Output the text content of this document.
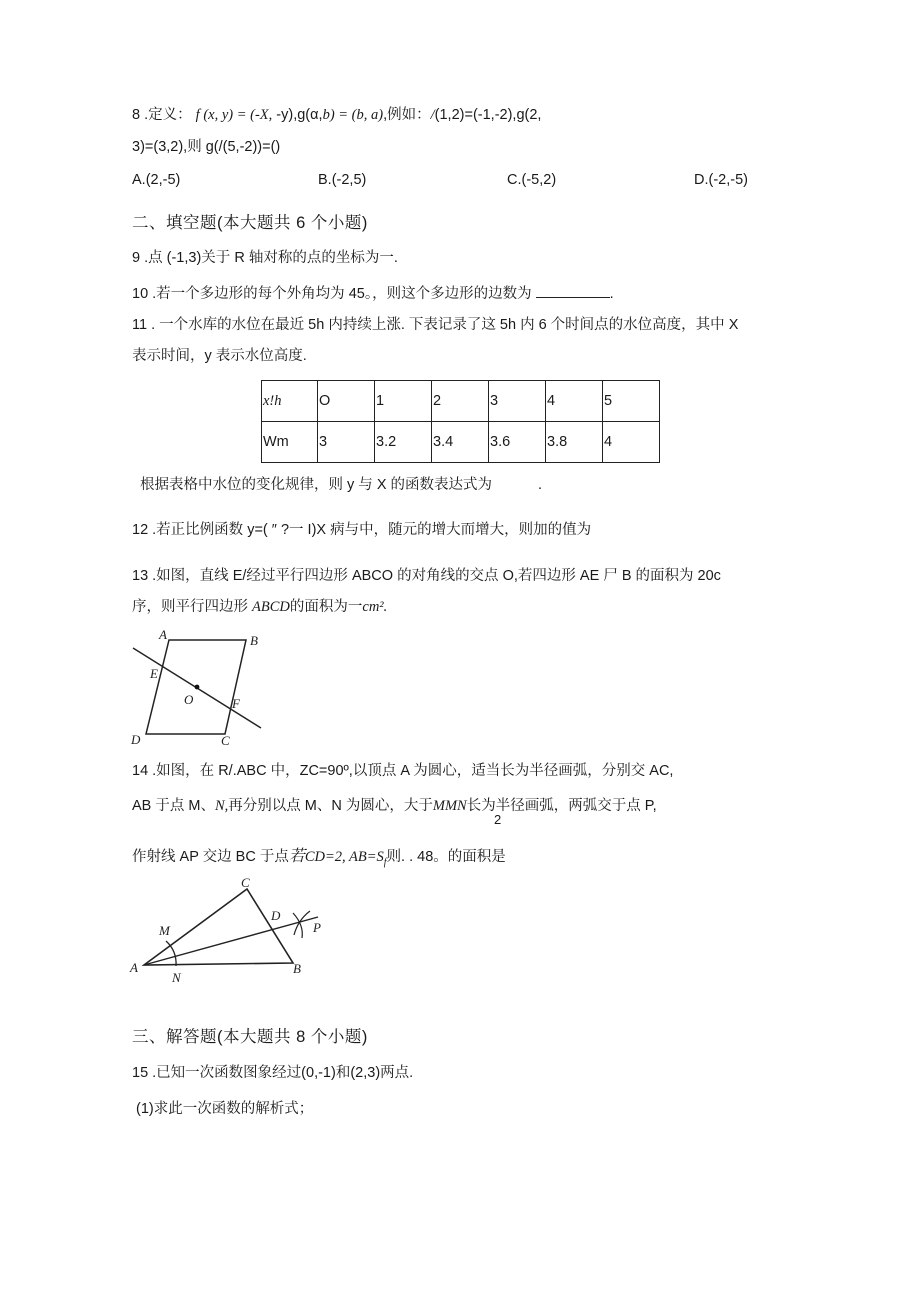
8 .定义： f (x, y) = (-X, -y),g(α,b) = (b, a),例如：/(1,2)=(-1,-2),g(2,
3)=(3,2),则 g(/(5,-2))=()
A.(2,-5)	B.(-2,5)	C.(-5,2)	D.(-2,-5)
二、填空题(本大题共 6 个小题)
9 .点 (-1,3)关于 R 轴对称的点的坐标为一.
10 .若一个多边形的每个外角均为 45。，则这个多边形的边数为	.
11 . 一个水库的水位在最近 5h 内持续上涨. 下表记录了这 5h 内 6 个时间点的水位高度，其中 X
表示时间，y 表示水位高度.
x!h	O	1	2	3	4	5
Wm	3	3.2	3.4	3.6	3.8	4
根据表格中水位的变化规律，则 y 与 X 的函数表达式为	.
12 .若正比例函数 y=( ″ ?一 I)X 病与中，随元的增大而增大，则加的值为
13 .如图，直线 E/经过平行四边形 ABCO 的对角线的交点 O,若四边形 AE 尸 B 的面积为 20c
序，则平行四边形 ABCD的面积为一cm².
A	B
C
D
E
F
O
14 .如图，在 R/.ABC 中，ZC=90º,以顶点 A 为圆心，适当长为半径画弧，分别交 AC,
AB 于点 M、N,再分别以点 M、N 为圆心，大于MMN长为半径画弧，两弧交于点 P,
2
作射线 AP 交边 BC 于点若CD=2, $AB=S_f$则. . 48。的面积是
C
M
D
P
A
N
B
三、解答题(本大题共 8 个小题)
15 .已知一次函数图象经过(0,-1)和(2,3)两点.
(1)求此一次函数的解析式；
